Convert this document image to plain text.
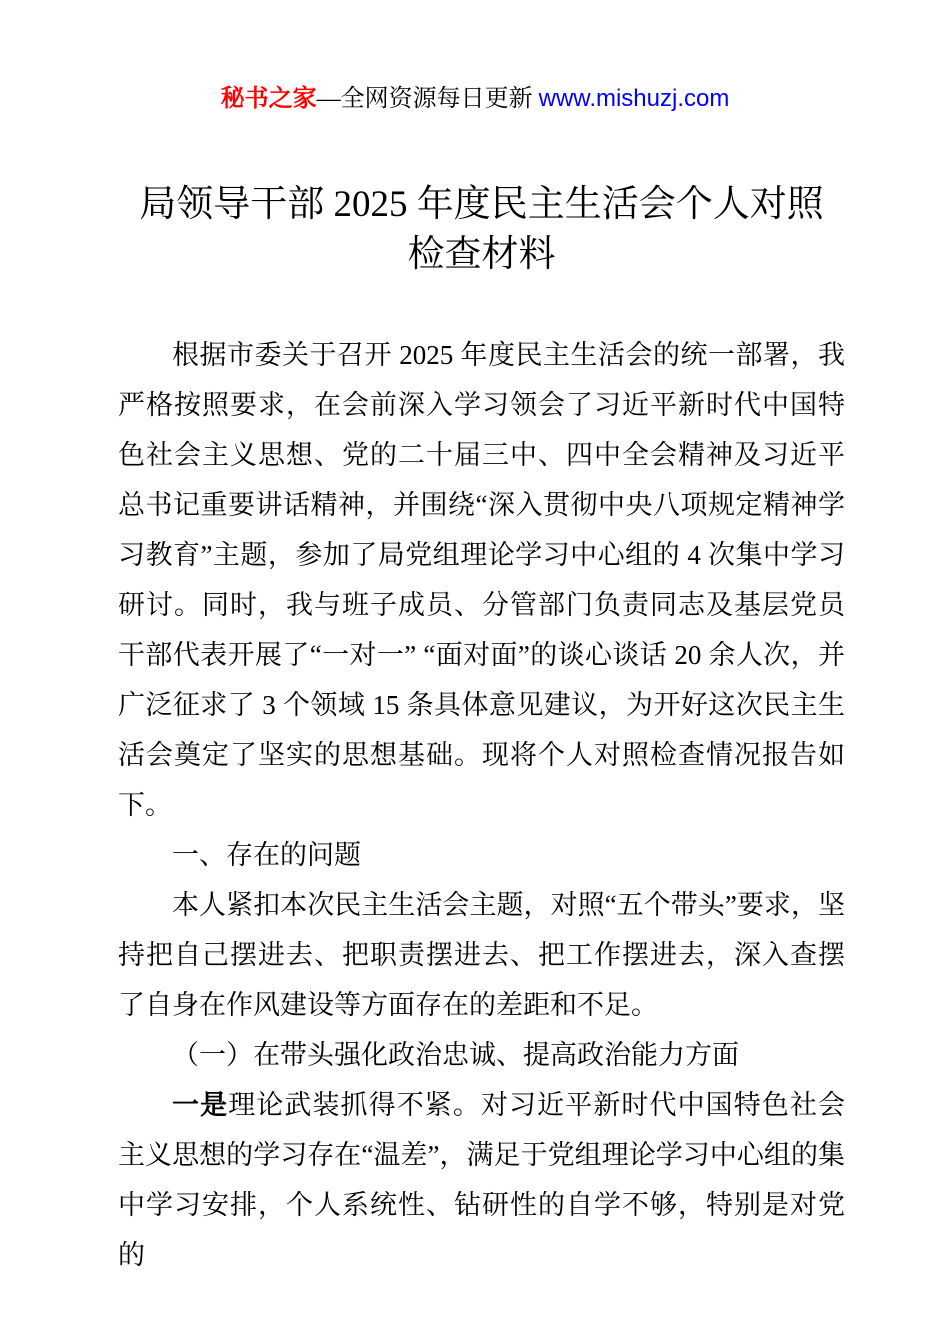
秘书之家—全网资源每日更新 www.mishuzj.com
局领导干部 2025 年度民主生活会个人对照
检查材料

根据市委关于召开 2025 年度民主生活会的统一部署，我严格按照要求，在会前深入学习领会了习近平新时代中国特色社会主义思想、党的二十届三中、四中全会精神及习近平总书记重要讲话精神，并围绕“深入贯彻中央八项规定精神学习教育”主题，参加了局党组理论学习中心组的 4 次集中学习研讨。同时，我与班子成员、分管部门负责同志及基层党员干部代表开展了“一对一” “面对面”的谈心谈话 20 余人次，并广泛征求了 3 个领域 15 条具体意见建议，为开好这次民主生活会奠定了坚实的思想基础。现将个人对照检查情况报告如下。

一、存在的问题

本人紧扣本次民主生活会主题，对照“五个带头”要求，坚持把自己摆进去、把职责摆进去、把工作摆进去，深入查摆了自身在作风建设等方面存在的差距和不足。

（一）在带头强化政治忠诚、提高政治能力方面

一是理论武装抓得不紧。对习近平新时代中国特色社会主义思想的学习存在“温差”，满足于党组理论学习中心组的集中学习安排，个人系统性、钻研性的自学不够，特别是对党的
